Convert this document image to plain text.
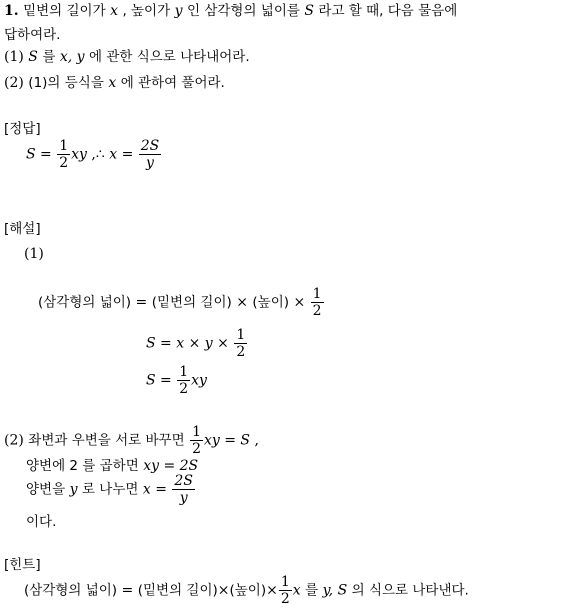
1. 밑변의 길이가 x , 높이가 y 인 삼각형의 넓이를 S 라고 할 때, 다음 물음에
답하여라.
(1) S 를 x, y 에 관한 식으로 나타내어라.
(2) (1)의 등식을 x 에 관하여 풀어라.
[정답]
$S = \frac{1}{2}$ xy ,∴ $x = \frac{2S}{y}$
[해설]
(1)
(삼각형의 넓이) = (밑변의 길이) × (높이) × $\frac{1}{2}$
$S = x \times y \times \frac{1}{2}$
$S = \frac{1}{2}$ xy
(2) 좌변과 우변을 서로 바꾸면 $\frac{1}{2}$ xy = S ,
양변에 2 를 곱하면 xy = 2S
양변을 y 로 나누면 $x = \frac{2S}{y}$
이다.
[힌트]
(삼각형의 넓이) = (밑변의 길이)×(높이)× $\frac{1}{2}$ x 를 y, S 의 식으로 나타낸다.
